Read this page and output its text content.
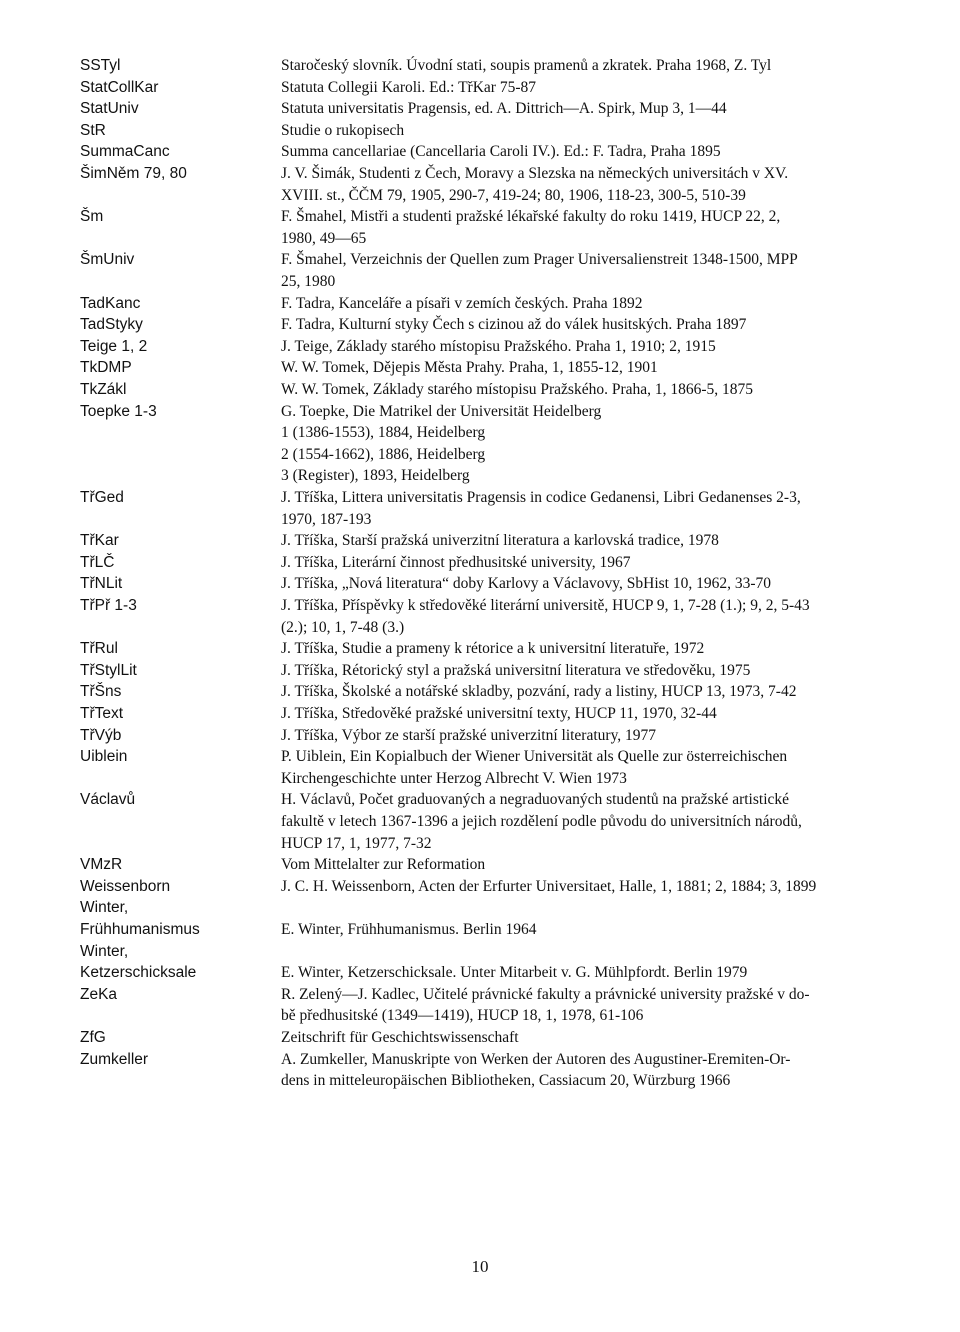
SSTyl	Staročeský slovník. Úvodní stati, soupis pramenů a zkratek. Praha 1968, Z. Tyl
StatCollKar	Statuta Collegii Karoli. Ed.: TřKar 75-87
StatUniv	Statuta universitatis Pragensis, ed. A. Dittrich—A. Spirk, Mup 3, 1—44
StR	Studie o rukopisech
SummaCanc	Summa cancellariae (Cancellaria Caroli IV.). Ed.: F. Tadra, Praha 1895
ŠimNěm 79, 80	J. V. Šimák, Studenti z Čech, Moravy a Slezska na německých universitách v XV.
XVIII. st., ČČM 79, 1905, 290-7, 419-24; 80, 1906, 118-23, 300-5, 510-39
Šm	F. Šmahel, Mistři a studenti pražské lékařské fakulty do roku 1419, HUCP 22, 2,
1980, 49—65
ŠmUniv	F. Šmahel, Verzeichnis der Quellen zum Prager Universalienstreit 1348-1500, MPP
25, 1980
TadKanc	F. Tadra, Kanceláře a písaři v zemích českých. Praha 1892
TadStyky	F. Tadra, Kulturní styky Čech s cizinou až do válek husitských. Praha 1897
Teige 1, 2	J. Teige, Základy starého místopisu Pražského. Praha 1, 1910; 2, 1915
TkDMP	W. W. Tomek, Dějepis Města Prahy. Praha, 1, 1855-12, 1901
TkZákl	W. W. Tomek, Základy starého místopisu Pražského. Praha, 1, 1866-5, 1875
Toepke 1-3	G. Toepke, Die Matrikel der Universität Heidelberg
1 (1386-1553), 1884, Heidelberg
2 (1554-1662), 1886, Heidelberg
3 (Register), 1893, Heidelberg
TřGed	J. Tříška, Littera universitatis Pragensis in codice Gedanensi, Libri Gedanenses 2-3,
1970, 187-193
TřKar	J. Tříška, Starší pražská univerzitní literatura a karlovská tradice, 1978
TřLČ	J. Tříška, Literární činnost předhusitské university, 1967
TřNLit	J. Tříška, „Nová literatura“ doby Karlovy a Václavovy, SbHist 10, 1962, 33-70
TřPř 1-3	J. Tříška, Příspěvky k středověké literární universitě, HUCP 9, 1, 7-28 (1.); 9, 2, 5-43
(2.); 10, 1, 7-48 (3.)
TřRul	J. Tříška, Studie a prameny k rétorice a k universitní literatuře, 1972
TřStylLit	J. Tříška, Rétorický styl a pražská universitní literatura ve středověku, 1975
TřŠns	J. Tříška, Školské a notářské skladby, pozvání, rady a listiny, HUCP 13, 1973, 7-42
TřText	J. Tříška, Středověké pražské universitní texty, HUCP 11, 1970, 32-44
TřVýb	J. Tříška, Výbor ze starší pražské univerzitní literatury, 1977
Uiblein	P. Uiblein, Ein Kopialbuch der Wiener Universität als Quelle zur österreichischen
Kirchengeschichte unter Herzog Albrecht V. Wien 1973
Václavů	H. Václavů, Počet graduovaných a negraduovaných studentů na pražské artistické
fakultě v letech 1367-1396 a jejich rozdělení podle původu do universitních národů,
HUCP 17, 1, 1977, 7-32
VMzR	Vom Mittelalter zur Reformation
Weissenborn	J. C. H. Weissenborn, Acten der Erfurter Universitaet, Halle, 1, 1881; 2, 1884; 3, 1899
Winter,
Frühhumanismus	E. Winter, Frühhumanismus. Berlin 1964
Winter,
Ketzerschicksale	E. Winter, Ketzerschicksale. Unter Mitarbeit v. G. Mühlpfordt. Berlin 1979
ZeKa	R. Zelený—J. Kadlec, Učitelé právnické fakulty a právnické university pražské v do-
bě předhusitské (1349—1419), HUCP 18, 1, 1978, 61-106
ZfG	Zeitschrift für Geschichtswissenschaft
Zumkeller	A. Zumkeller, Manuskripte von Werken der Autoren des Augustiner-Eremiten-Or-
dens in mitteleuropäischen Bibliotheken, Cassiacum 20, Würzburg 1966
10
